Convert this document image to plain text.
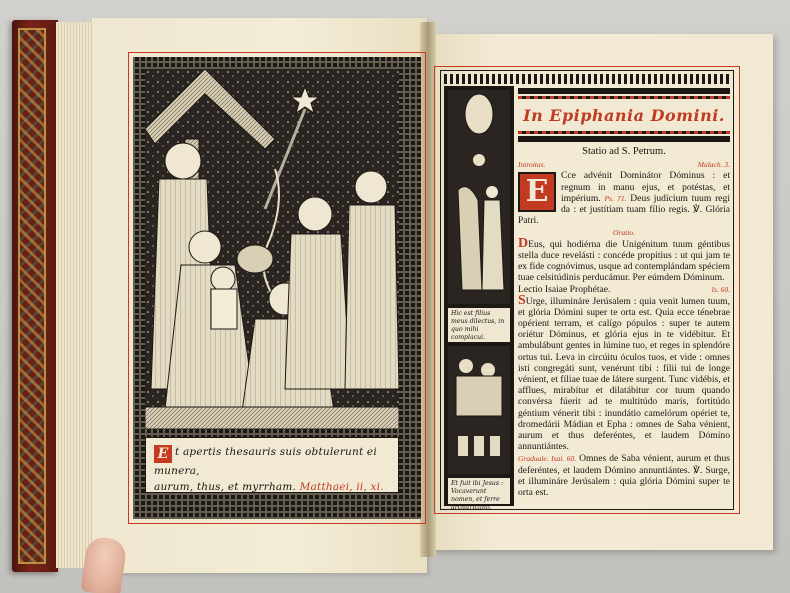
E t apertis thesauris suis obtulerunt ei munera,
aurum, thus, et myrrham. Matthaei, ii, xi.
Hic est filius meus dilectus, in quo mihi complacui.
Et fuit ibi Jesus : Vocaverunt nomen, et ferre architriclino.
In Epiphania Domini.
Statio ad S. Petrum.
Introitus.	Malach. 3.

E	Cce advénit Dominátor Dóminus : et regnum in manu ejus, et potéstas, et impérium. Ps. 71. Deus judícium tuum regi da : et justítiam tuam fílio regis. ℣. Glória Patri.

Oratio.

DEus, qui hodiérna die Unigénitum tuum géntibus stella duce revelásti : concéde propítius : ut qui jam te ex fide cognóvimus, usque ad contemplándam spéciem tuae celsitúdinis perducámur. Per eúmdem Dóminum.

Lectio Isaiae Prophétae.	Is. 60.

SUrge, illumináre Jerúsalem : quia venit lumen tuum, et glória Dómini super te orta est. Quia ecce ténebrae opérient terram, et calígo pópulos : super te autem oriétur Dóminus, et glória ejus in te vidébitur. Et ambulábunt gentes in lúmine tuo, et reges in splendóre ortus tui. Leva in circúitu óculos tuos, et vide : omnes isti congregáti sunt, venérunt tibi : fílii tui de longe vénient, et fíliae tuae de látere surgent. Tunc vidébis, et afflues, mirabítur et dilatábitur cor tuum quando convérsa fúerit ad te multitúdo maris, fortitúdo géntium vénerit tibi : inundátio camelórum opériet te, dromedárii Mádian et Epha : omnes de Saba vénient, aurum et thus deferéntes, et laudem Dómino annuntiántes.

Graduale. Isai. 60. Omnes de Saba vénient, aurum et thus deferéntes, et laudem Dómino annuntiántes. ℣. Surge, et illumináre Jerúsalem : quia glória Dómini super te orta est.
